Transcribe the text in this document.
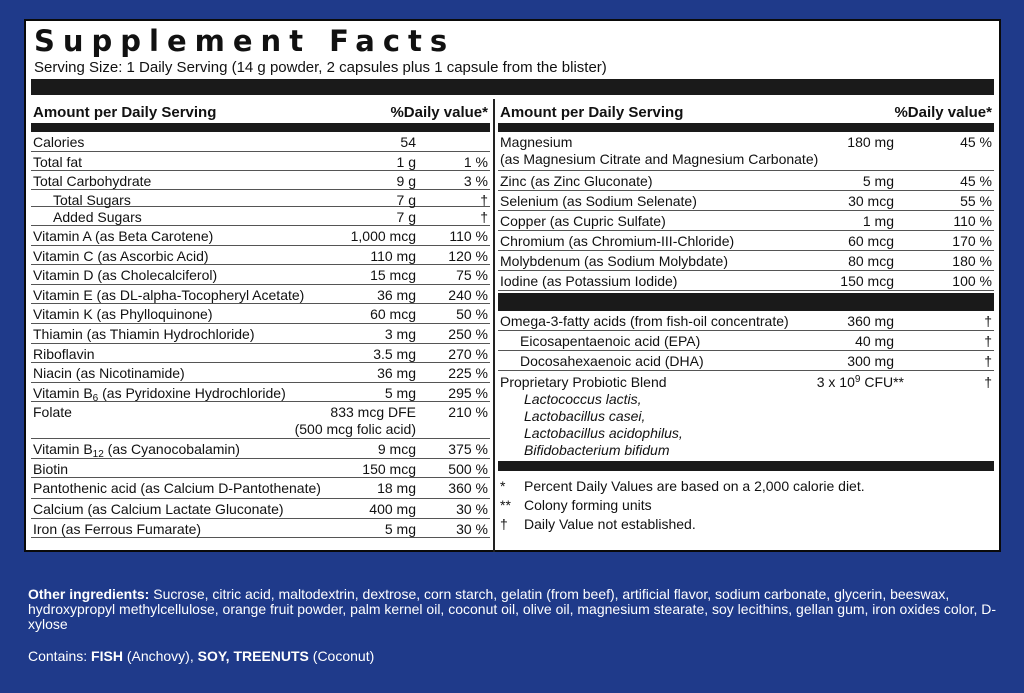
Supplement Facts
Serving Size: 1 Daily Serving (14 g powder, 2 capsules plus 1 capsule from the blister)
Amount per Daily Serving	%Daily value*
Calories	54
Total fat	1 g	1 %
Total Carbohydrate	9 g	3 %
Total Sugars	7 g	†
Added Sugars	7 g	†
Vitamin A (as Beta Carotene)	1,000 mcg 110 %
Vitamin C (as Ascorbic Acid)	110 mg 120 %
Vitamin D (as Cholecalciferol)	15 mcg	75 %
Vitamin E (as DL-alpha-Tocopheryl Acetate)	36 mg 240 %
Vitamin K (as Phylloquinone)	60 mcg	50 %
Thiamin (as Thiamin Hydrochloride)	3 mg 250 %
Riboflavin	3.5 mg 270 %
Niacin (as Nicotinamide)	36 mg 225 %
Vitamin $B_6$ (as Pyridoxine Hydrochloride)	5 mg 295 %
Folate	833 mcg DFE 210 %
(500 mcg folic acid)
Vitamin $B_{12}$ (as Cyanocobalamin)	9 mcg 375 %
Biotin	150 mcg 500 %
Pantothenic acid (as Calcium D-Pantothenate)	18 mg 360 %
Calcium (as Calcium Lactate Gluconate)	400 mg	30 %
Iron (as Ferrous Fumarate)	5 mg	30 %
Amount per Daily Serving	%Daily value*
Magnesium
(as Magnesium Citrate and Magnesium Carbonate)
180 mg	45 %
Zinc (as Zinc Gluconate)	5 mg	45 %
Selenium (as Sodium Selenate)	30 mcg	55 %
Copper (as Cupric Sulfate)	1 mg	110 %
Chromium (as Chromium-III-Chloride)	60 mcg	170 %
Molybdenum (as Sodium Molybdate)	80 mcg	180 %
Iodine (as Potassium Iodide)	150 mcg	100 %
Omega-3-fatty acids (from fish-oil concentrate)	360 mg	†
Eicosapentaenoic acid (EPA)	40 mg	†
Docosahexaenoic acid (DHA)	300 mg	†
Proprietary Probiotic Blend	3 x $10^9$ CFU**	†
Lactococcus lactis,
Lactobacillus casei,
Lactobacillus acidophilus,
Bifidobacterium bifidum
* Percent Daily Values are based on a 2,000 calorie diet.
** Colony forming units
† Daily Value not established.
Other ingredients: Sucrose, citric acid, maltodextrin, dextrose, corn starch, gelatin (from beef), artificial flavor, sodium carbonate, glycerin, beeswax, hydroxypropyl methylcellulose, orange fruit powder, palm kernel oil, coconut oil, olive oil, magnesium stearate, soy lecithins, gellan gum, iron oxides color, D-xylose
Contains: FISH (Anchovy), SOY, TREENUTS (Coconut)
